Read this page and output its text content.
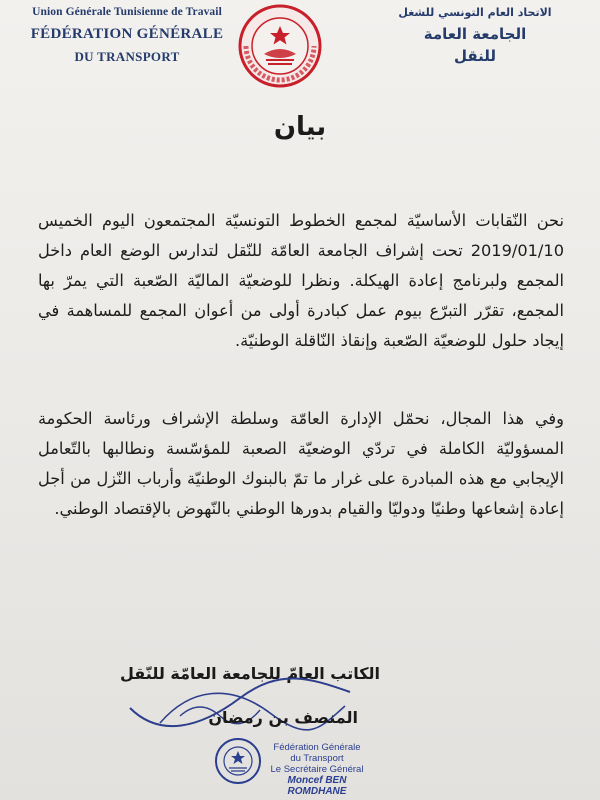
Union Générale Tunisienne de Travail
FÉDÉRATION GÉNÉRALE
DU TRANSPORT
الاتحاد العام التونسي للشغل
الجامعة العامة
للنقل
بيان
نحن النّقابات الأساسيّة لمجمع الخطوط التونسيّة المجتمعون اليوم الخميس 2019/01/10 تحت إشراف الجامعة العامّة للنّقل لتدارس الوضع العام داخل المجمع ولبرنامج إعادة الهيكلة. ونظرا للوضعيّة الماليّة الصّعبة التي يمرّ بها المجمع، تقرّر التبرّع بيوم عمل كبادرة أولى من أعوان المجمع للمساهمة في إيجاد حلول للوضعيّة الصّعبة وإنقاذ النّاقلة الوطنيّة.
وفي هذا المجال، نحمّل الإدارة العامّة وسلطة الإشراف ورئاسة الحكومة المسؤوليّة الكاملة في تردّي الوضعيّة الصعبة للمؤسّسة ونطالبها بالتّعامل الإيجابي مع هذه المبادرة على غرار ما تمّ بالبنوك الوطنيّة وأرباب النّزل من أجل إعادة إشعاعها وطنيّا ودوليّا والقيام بدورها الوطني بالنّهوض بالإقتصاد الوطني.
الكاتب العامّ للجامعة العامّة للنّقل
المنصف بن رمضان
Fédération Générale
du Transport
Le Secrétaire Général
Moncef BEN ROMDHANE
